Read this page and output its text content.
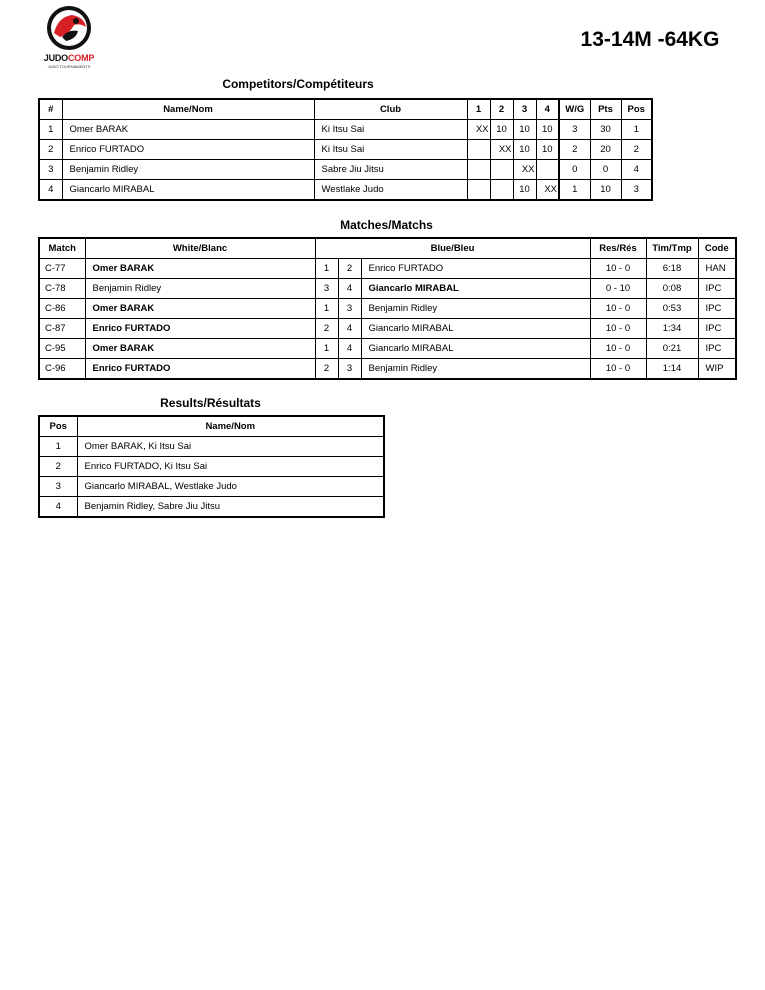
JUDOCOMP
JUDO TOURNAMENTS
13-14M -64KG
Competitors/Compétiteurs
#	Name/Nom	Club	1	2	3	4	W/G	Pts	Pos
1	Omer BARAK	Ki Itsu Sai	XX	10	10	10	3	30	1
2	Enrico FURTADO	Ki Itsu Sai		XX	10	10	2	20	2
3	Benjamin Ridley	Sabre Jiu Jitsu			XX		0	0	4
4	Giancarlo MIRABAL	Westlake Judo			10	XX	1	10	3
Matches/Matchs
Match	White/Blanc	Blue/Bleu			Res/Rés	Tim/Tmp	Code
C-77	Omer BARAK	1	2	Enrico FURTADO	10 - 0	6:18	HAN
C-78	Benjamin Ridley	3	4	Giancarlo MIRABAL	0 - 10	0:08	IPC
C-86	Omer BARAK	1	3	Benjamin Ridley	10 - 0	0:53	IPC
C-87	Enrico FURTADO	2	4	Giancarlo MIRABAL	10 - 0	1:34	IPC
C-95	Omer BARAK	1	4	Giancarlo MIRABAL	10 - 0	0:21	IPC
C-96	Enrico FURTADO	2	3	Benjamin Ridley	10 - 0	1:14	WIP
Results/Résultats
Pos	Name/Nom
1	Omer BARAK, Ki Itsu Sai
2	Enrico FURTADO, Ki Itsu Sai
3	Giancarlo MIRABAL, Westlake Judo
4	Benjamin Ridley, Sabre Jiu Jitsu
